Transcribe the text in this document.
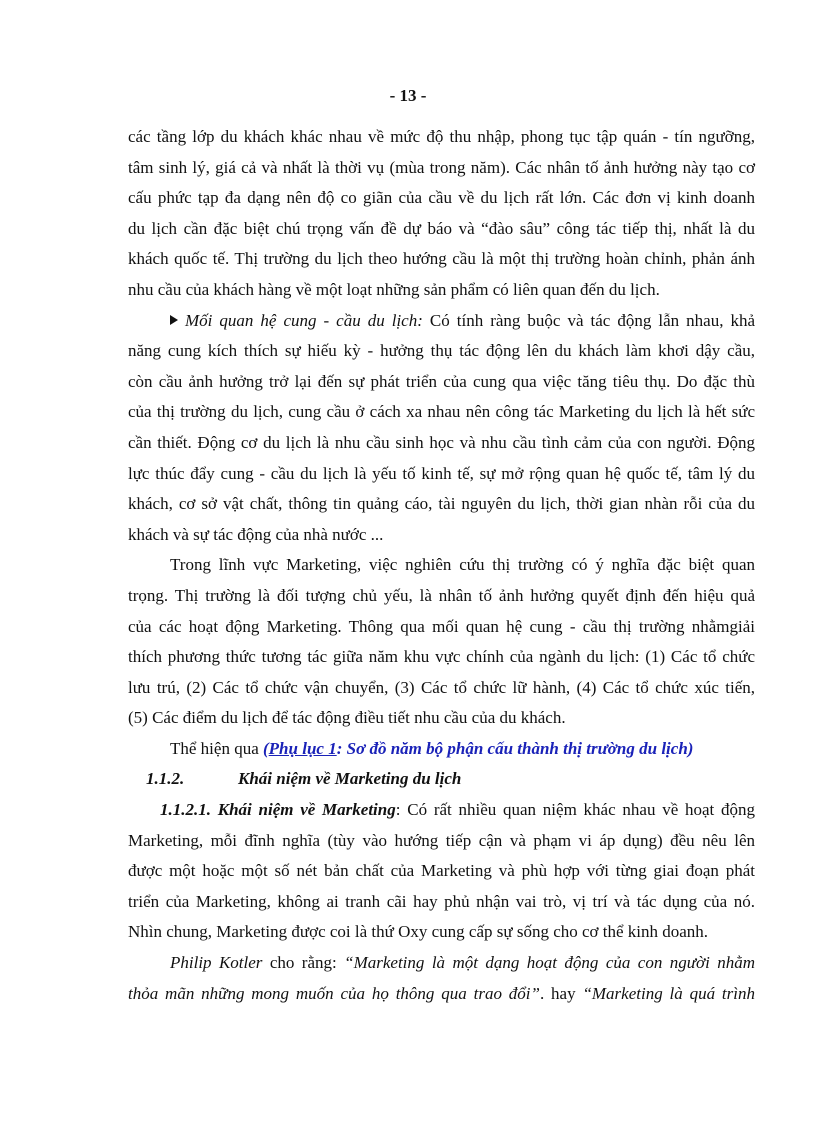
- 13 -

các tầng lớp du khách khác nhau về mức độ thu nhập, phong tục tập quán - tín ngưỡng,

tâm sinh lý, giá cả và nhất là thời vụ (mùa trong năm). Các nhân tố ảnh hưởng này tạo cơ

cấu phức tạp đa dạng nên độ co giãn của cầu về du lịch rất lớn. Các đơn vị kinh doanh

du lịch cần đặc biệt chú trọng vấn đề dự báo và “đào sâu” công tác tiếp thị, nhất là du

khách quốc tế. Thị trường du lịch theo hướng cầu là một thị trường hoàn chỉnh, phản ánh

nhu cầu của khách hàng về một loạt những sản phẩm có liên quan đến du lịch.

Mối quan hệ cung - cầu du lịch: Có tính ràng buộc và tác động lẫn nhau, khả

năng cung kích thích sự hiếu kỳ - hưởng thụ tác động lên du khách làm khơi dậy cầu,

còn cầu ảnh hưởng trở lại đến sự phát triển của cung qua việc tăng tiêu thụ. Do đặc thù

của thị trường du lịch, cung cầu ở cách xa nhau nên công tác Marketing du lịch là hết sức

cần thiết. Động cơ du lịch là nhu cầu sinh học và nhu cầu tình cảm của con người. Động

lực thúc đẩy cung - cầu du lịch là yếu tố kinh tế, sự mở rộng quan hệ quốc tế, tâm lý du

khách, cơ sở vật chất, thông tin quảng cáo, tài nguyên du lịch, thời gian nhàn rỗi của du

khách và sự tác động của nhà nước ...

Trong lĩnh vực Marketing, việc nghiên cứu thị trường có ý nghĩa đặc biệt quan

trọng. Thị trường là đối tượng chủ yếu, là nhân tố ảnh hưởng quyết định đến hiệu quả

của các hoạt động Marketing. Thông qua mối quan hệ cung - cầu thị trường nhằmgiải

thích phương thức tương tác giữa năm khu vực chính của ngành du lịch: (1) Các tổ chức

lưu trú, (2) Các tổ chức vận chuyển, (3) Các tổ chức lữ hành, (4) Các tổ chức xúc tiến,

(5) Các điểm du lịch để tác động điều tiết nhu cầu của du khách.

Thể hiện qua (Phụ lục 1: Sơ đồ năm bộ phận cấu thành thị trường du lịch)

1.1.2.	Khái niệm về Marketing du lịch

1.1.2.1. Khái niệm về Marketing: Có rất nhiều quan niệm khác nhau về hoạt động

Marketing, mỗi đĩnh nghĩa (tùy vào hướng tiếp cận và phạm vi áp dụng) đều nêu lên

được một hoặc một số nét bản chất của Marketing và phù hợp với từng giai đoạn phát

triển của Marketing, không ai tranh cãi hay phủ nhận vai trò, vị trí và tác dụng của nó.

Nhìn chung, Marketing được coi là thứ Oxy cung cấp sự sống cho cơ thể kinh doanh.

Philip Kotler cho rằng: “Marketing là một dạng hoạt động của con người nhằm

thỏa mãn những mong muốn của họ thông qua trao đổi”. hay “Marketing là quá trình
